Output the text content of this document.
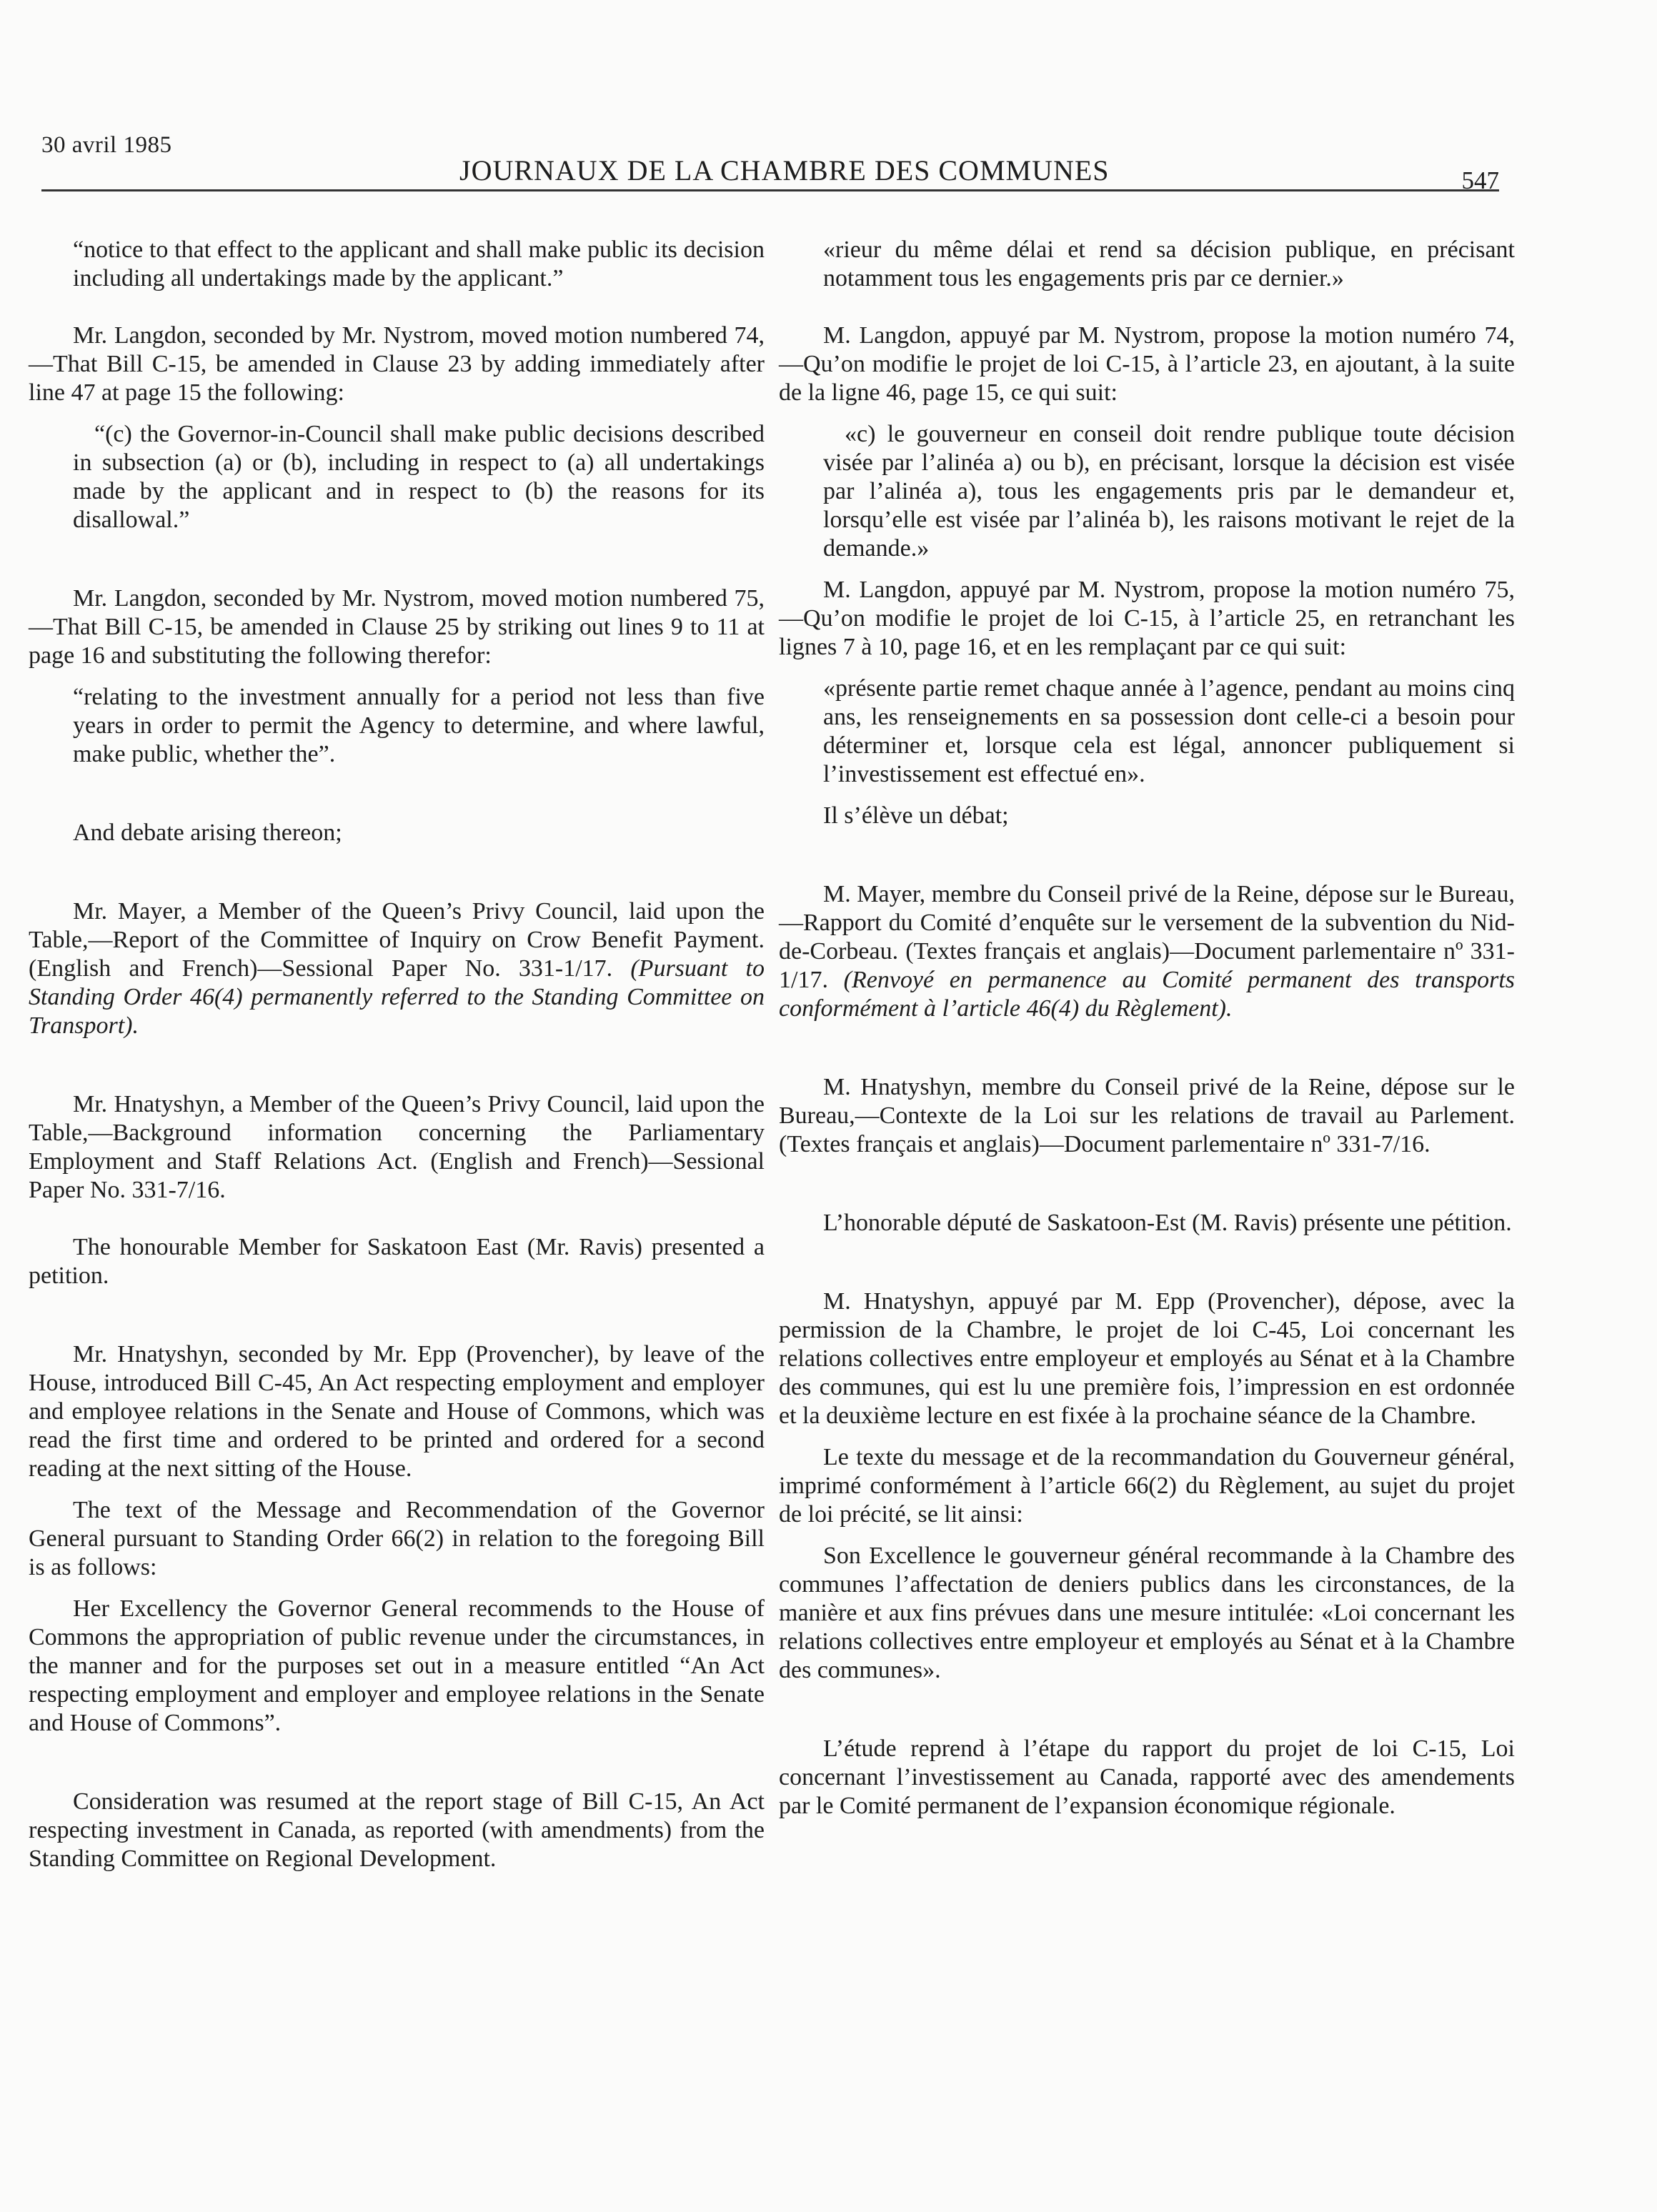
30 avril 1985
JOURNAUX DE LA CHAMBRE DES COMMUNES	547

“notice to that effect to the applicant and shall make public its decision including all undertakings made by the applicant.”

Mr. Langdon, seconded by Mr. Nystrom, moved motion numbered 74,—That Bill C-15, be amended in Clause 23 by adding immediately after line 47 at page 15 the following:

“(c) the Governor-in-Council shall make public decisions described in subsection (a) or (b), including in respect to (a) all undertakings made by the applicant and in respect to (b) the reasons for its disallowal.”

Mr. Langdon, seconded by Mr. Nystrom, moved motion numbered 75,—That Bill C-15, be amended in Clause 25 by striking out lines 9 to 11 at page 16 and substituting the following therefor:

“relating to the investment annually for a period not less than five years in order to permit the Agency to determine, and where lawful, make public, whether the”.

And debate arising thereon;

Mr. Mayer, a Member of the Queen’s Privy Council, laid upon the Table,—Report of the Committee of Inquiry on Crow Benefit Payment. (English and French)—Sessional Paper No. 331-1/17. (Pursuant to Standing Order 46(4) permanently referred to the Standing Committee on Transport).

Mr. Hnatyshyn, a Member of the Queen’s Privy Council, laid upon the Table,—Background information concerning the Parliamentary Employment and Staff Relations Act. (English and French)—Sessional Paper No. 331-7/16.

The honourable Member for Saskatoon East (Mr. Ravis) presented a petition.

Mr. Hnatyshyn, seconded by Mr. Epp (Provencher), by leave of the House, introduced Bill C-45, An Act respecting employment and employer and employee relations in the Senate and House of Commons, which was read the first time and ordered to be printed and ordered for a second reading at the next sitting of the House.

The text of the Message and Recommendation of the Governor General pursuant to Standing Order 66(2) in relation to the foregoing Bill is as follows:

Her Excellency the Governor General recommends to the House of Commons the appropriation of public revenue under the circumstances, in the manner and for the purposes set out in a measure entitled “An Act respecting employment and employer and employee relations in the Senate and House of Commons”.

Consideration was resumed at the report stage of Bill C-15, An Act respecting investment in Canada, as reported (with amendments) from the Standing Committee on Regional Development.

«rieur du même délai et rend sa décision publique, en précisant notamment tous les engagements pris par ce dernier.»

M. Langdon, appuyé par M. Nystrom, propose la motion numéro 74,—Qu’on modifie le projet de loi C-15, à l’article 23, en ajoutant, à la suite de la ligne 46, page 15, ce qui suit:

«c) le gouverneur en conseil doit rendre publique toute décision visée par l’alinéa a) ou b), en précisant, lorsque la décision est visée par l’alinéa a), tous les engagements pris par le demandeur et, lorsqu’elle est visée par l’alinéa b), les raisons motivant le rejet de la demande.»

M. Langdon, appuyé par M. Nystrom, propose la motion numéro 75,—Qu’on modifie le projet de loi C-15, à l’article 25, en retranchant les lignes 7 à 10, page 16, et en les remplaçant par ce qui suit:

«présente partie remet chaque année à l’agence, pendant au moins cinq ans, les renseignements en sa possession dont celle-ci a besoin pour déterminer et, lorsque cela est légal, annoncer publiquement si l’investissement est effectué en».

Il s’élève un débat;

M. Mayer, membre du Conseil privé de la Reine, dépose sur le Bureau,—Rapport du Comité d’enquête sur le versement de la subvention du Nid-de-Corbeau. (Textes français et anglais)—Document parlementaire nº 331-1/17. (Renvoyé en permanence au Comité permanent des transports conformément à l’article 46(4) du Règlement).

M. Hnatyshyn, membre du Conseil privé de la Reine, dépose sur le Bureau,—Contexte de la Loi sur les relations de travail au Parlement. (Textes français et anglais)—Document parlementaire nº 331-7/16.

L’honorable député de Saskatoon-Est (M. Ravis) présente une pétition.

M. Hnatyshyn, appuyé par M. Epp (Provencher), dépose, avec la permission de la Chambre, le projet de loi C-45, Loi concernant les relations collectives entre employeur et employés au Sénat et à la Chambre des communes, qui est lu une première fois, l’impression en est ordonnée et la deuxième lecture en est fixée à la prochaine séance de la Chambre.

Le texte du message et de la recommandation du Gouverneur général, imprimé conformément à l’article 66(2) du Règlement, au sujet du projet de loi précité, se lit ainsi:

Son Excellence le gouverneur général recommande à la Chambre des communes l’affectation de deniers publics dans les circonstances, de la manière et aux fins prévues dans une mesure intitulée: «Loi concernant les relations collectives entre employeur et employés au Sénat et à la Chambre des communes».

L’étude reprend à l’étape du rapport du projet de loi C-15, Loi concernant l’investissement au Canada, rapporté avec des amendements par le Comité permanent de l’expansion économique régionale.
